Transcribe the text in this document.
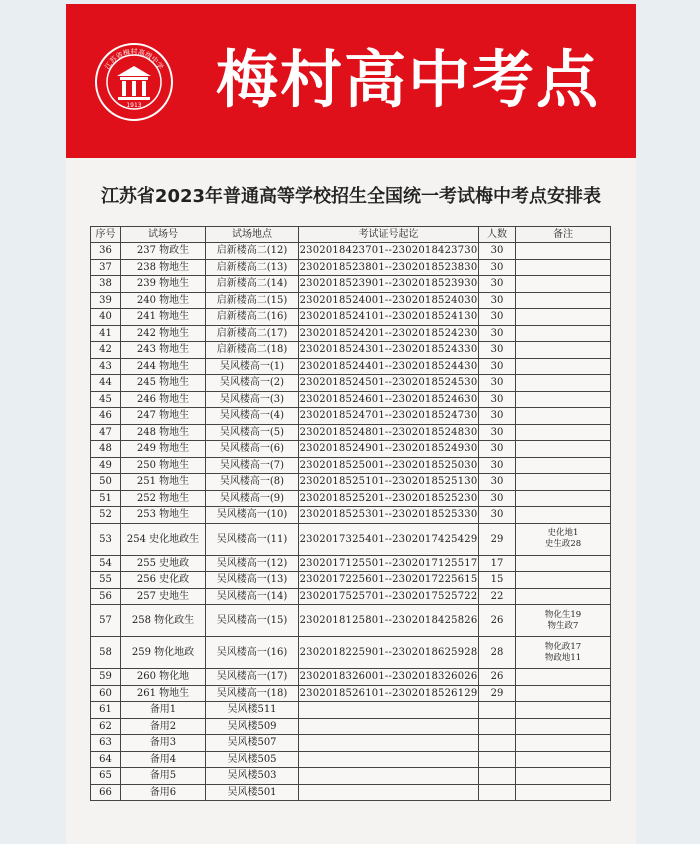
1913
江苏省梅村高级中学 梅村高中考点
江苏省2023年普通高等学校招生全国统一考试梅中考点安排表
序号	试场号	试场地点	考试证号起讫	人数	备注
36	237 物政生	启新楼高二(12)	2302018423701--2302018423730	30	
37	238 物地生	启新楼高二(13)	2302018523801--2302018523830	30	
38	239 物地生	启新楼高二(14)	2302018523901--2302018523930	30	
39	240 物地生	启新楼高二(15)	2302018524001--2302018524030	30	
40	241 物地生	启新楼高二(16)	2302018524101--2302018524130	30	
41	242 物地生	启新楼高二(17)	2302018524201--2302018524230	30	
42	243 物地生	启新楼高二(18)	2302018524301--2302018524330	30	
43	244 物地生	吴风楼高一(1)	2302018524401--2302018524430	30	
44	245 物地生	吴风楼高一(2)	2302018524501--2302018524530	30	
45	246 物地生	吴风楼高一(3)	2302018524601--2302018524630	30	
46	247 物地生	吴风楼高一(4)	2302018524701--2302018524730	30	
47	248 物地生	吴风楼高一(5)	2302018524801--2302018524830	30	
48	249 物地生	吴风楼高一(6)	2302018524901--2302018524930	30	
49	250 物地生	吴风楼高一(7)	2302018525001--2302018525030	30	
50	251 物地生	吴风楼高一(8)	2302018525101--2302018525130	30	
51	252 物地生	吴风楼高一(9)	2302018525201--2302018525230	30	
52	253 物地生	吴风楼高一(10)	2302018525301--2302018525330	30	
53	254 史化地政生	吴风楼高一(11)	2302017325401--2302017425429	29	史化地1
史生政28
54	255 史地政	吴风楼高一(12)	2302017125501--2302017125517	17	
55	256 史化政	吴风楼高一(13)	2302017225601--2302017225615	15	
56	257 史地生	吴风楼高一(14)	2302017525701--2302017525722	22	
57	258 物化政生	吴风楼高一(15)	2302018125801--2302018425826	26	物化生19
物生政7
58	259 物化地政	吴风楼高一(16)	2302018225901--2302018625928	28	物化政17
物政地11
59	260 物化地	吴风楼高一(17)	2302018326001--2302018326026	26	
60	261 物地生	吴风楼高一(18)	2302018526101--2302018526129	29	
61	备用1	吴风楼511			
62	备用2	吴风楼509			
63	备用3	吴风楼507			
64	备用4	吴风楼505			
65	备用5	吴风楼503			
66	备用6	吴风楼501			
